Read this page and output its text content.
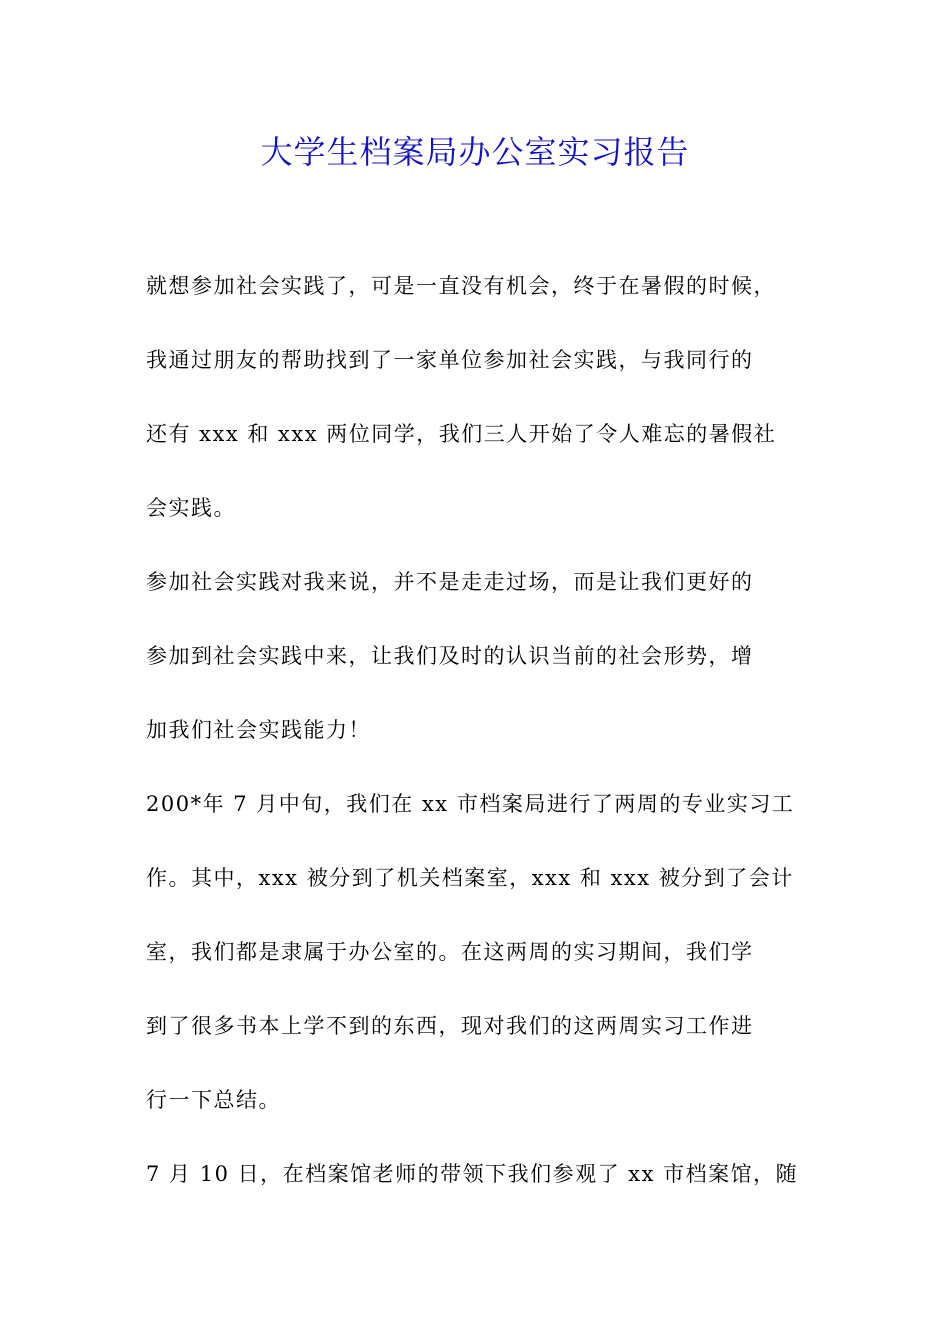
大学生档案局办公室实习报告
就想参加社会实践了，可是一直没有机会，终于在暑假的时候，
我通过朋友的帮助找到了一家单位参加社会实践，与我同行的
还有 xxx 和 xxx 两位同学，我们三人开始了令人难忘的暑假社
会实践。
参加社会实践对我来说，并不是走走过场，而是让我们更好的
参加到社会实践中来，让我们及时的认识当前的社会形势，增
加我们社会实践能力！
200*年 7 月中旬，我们在 xx 市档案局进行了两周的专业实习工
作。其中，xxx 被分到了机关档案室，xxx 和 xxx 被分到了会计
室，我们都是隶属于办公室的。在这两周的实习期间，我们学
到了很多书本上学不到的东西，现对我们的这两周实习工作进
行一下总结。
7 月 10 日，在档案馆老师的带领下我们参观了 xx 市档案馆，随
